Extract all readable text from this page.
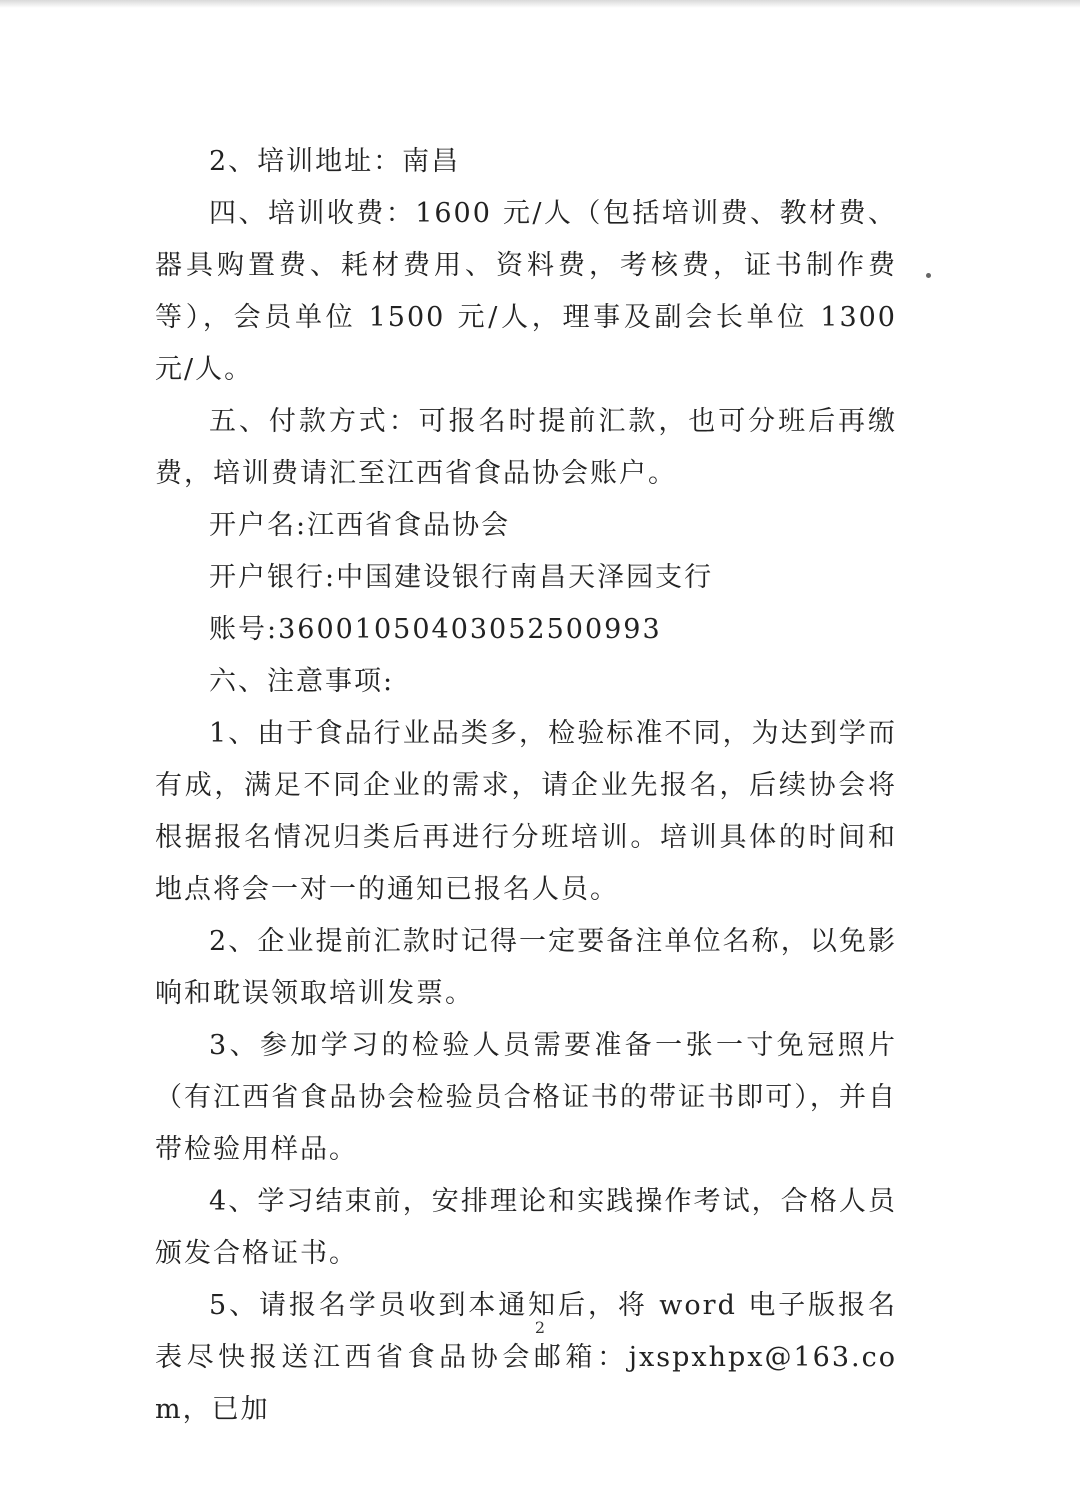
2、培训地址：南昌

四、培训收费：1600 元/人（包括培训费、教材费、器具购置费、耗材费用、资料费，考核费，证书制作费等），会员单位 1500 元/人，理事及副会长单位 1300 元/人。

五、付款方式：可报名时提前汇款，也可分班后再缴费，培训费请汇至江西省食品协会账户。

开户名:江西省食品协会

开户银行:中国建设银行南昌天泽园支行

账号:36001050403052500993

六、注意事项:

1、由于食品行业品类多，检验标准不同，为达到学而有成，满足不同企业的需求，请企业先报名，后续协会将根据报名情况归类后再进行分班培训。培训具体的时间和地点将会一对一的通知已报名人员。

2、企业提前汇款时记得一定要备注单位名称，以免影响和耽误领取培训发票。

3、参加学习的检验人员需要准备一张一寸免冠照片（有江西省食品协会检验员合格证书的带证书即可），并自带检验用样品。

4、学习结束前，安排理论和实践操作考试，合格人员颁发合格证书。

5、请报名学员收到本通知后，将 word 电子版报名表尽快报送江西省食品协会邮箱：jxspxhpx@163.com，已加

2
